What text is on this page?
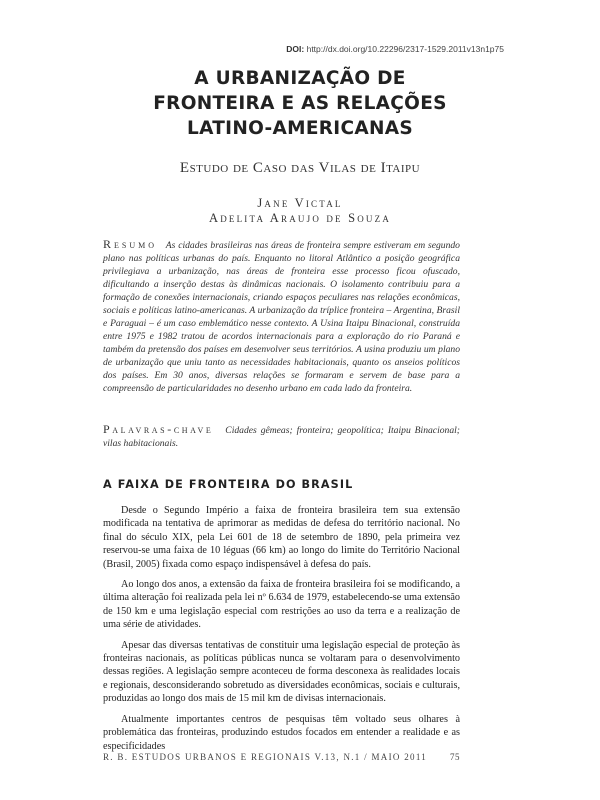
DOI: http://dx.doi.org/10.22296/2317-1529.2011v13n1p75
A URBANIZAÇÃO DE
FRONTEIRA E AS RELAÇÕES
LATINO-AMERICANAS
Estudo de Caso das Vilas de Itaipu
Jane Victal
Adelita Araujo de Souza
Resumo As cidades brasileiras nas áreas de fronteira sempre estiveram em segundo plano nas políticas urbanas do país. Enquanto no litoral Atlântico a posição geográfica privilegiava a urbanização, nas áreas de fronteira esse processo ficou ofuscado, dificultando a inserção destas às dinâmicas nacionais. O isolamento contribuiu para a formação de conexões internacionais, criando espaços peculiares nas relações econômicas, sociais e políticas latino-americanas. A urbanização da tríplice fronteira – Argentina, Brasil e Paraguai – é um caso emblemático nesse contexto. A Usina Itaipu Binacional, construída entre 1975 e 1982 tratou de acordos internacionais para a exploração do rio Paraná e também da pretensão dos países em desenvolver seus territórios. A usina produziu um plano de urbanização que uniu tanto as necessidades habitacionais, quanto os anseios políticos dos países. Em 30 anos, diversas relações se formaram e servem de base para a compreensão de particularidades no desenho urbano em cada lado da fronteira.
Palavras-chave Cidades gêmeas; fronteira; geopolítica; Itaipu Binacional; vilas habitacionais.
A FAIXA DE FRONTEIRA DO BRASIL

Desde o Segundo Império a faixa de fronteira brasileira tem sua extensão modificada na tentativa de aprimorar as medidas de defesa do território nacional. No final do século XIX, pela Lei 601 de 18 de setembro de 1890, pela primeira vez reservou-se uma faixa de 10 léguas (66 km) ao longo do limite do Território Nacional (Brasil, 2005) fixada como espaço indispensável à defesa do país.

Ao longo dos anos, a extensão da faixa de fronteira brasileira foi se modificando, a última alteração foi realizada pela lei nº 6.634 de 1979, estabelecendo-se uma extensão de 150 km e uma legislação especial com restrições ao uso da terra e a realização de uma série de atividades.

Apesar das diversas tentativas de constituir uma legislação especial de proteção às fronteiras nacionais, as políticas públicas nunca se voltaram para o desenvolvimento dessas regiões. A legislação sempre aconteceu de forma desconexa às realidades locais e regionais, desconsiderando sobretudo as diversidades econômicas, sociais e culturais, produzidas ao longo dos mais de 15 mil km de divisas internacionais.

Atualmente importantes centros de pesquisas têm voltado seus olhares à problemática das fronteiras, produzindo estudos focados em entender a realidade e as especificidades

R. B. ESTUDOS URBANOS E REGIONAIS V.13, N.1 / MAIO 2011	75
